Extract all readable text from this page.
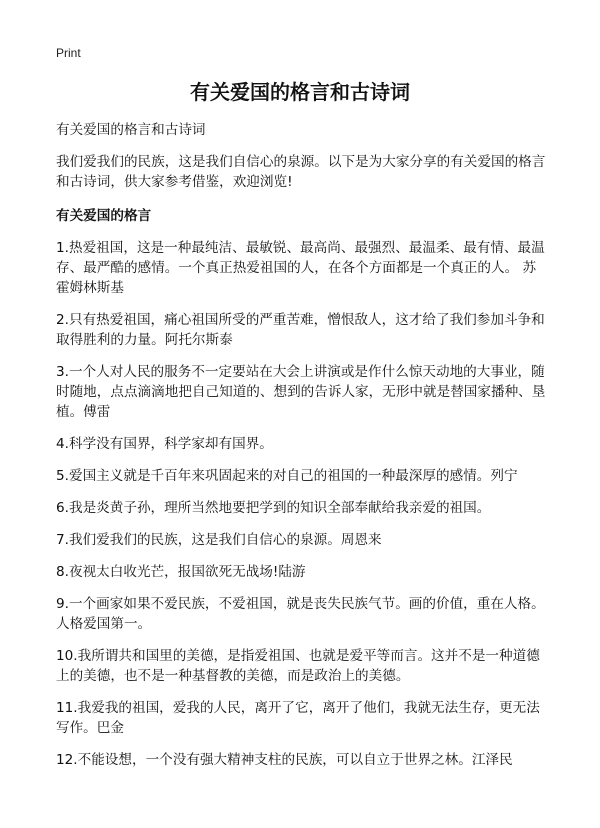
Print
有关爱国的格言和古诗词

有关爱国的格言和古诗词

我们爱我们的民族，这是我们自信心的泉源。以下是为大家分享的有关爱国的格言和古诗词，供大家参考借鉴，欢迎浏览!

有关爱国的格言

1.热爱祖国，这是一种最纯洁、最敏锐、最高尚、最强烈、最温柔、最有情、最温存、最严酷的感情。一个真正热爱祖国的人，在各个方面都是一个真正的人。 苏霍姆林斯基

2.只有热爱祖国，痛心祖国所受的严重苦难，憎恨敌人，这才给了我们参加斗争和取得胜利的力量。阿托尔斯泰

3.一个人对人民的服务不一定要站在大会上讲演或是作什么惊天动地的大事业，随时随地，点点滴滴地把自己知道的、想到的告诉人家，无形中就是替国家播种、垦植。傅雷

4.科学没有国界，科学家却有国界。

5.爱国主义就是千百年来巩固起来的对自己的祖国的一种最深厚的感情。列宁

6.我是炎黄子孙，理所当然地要把学到的知识全部奉献给我亲爱的祖国。

7.我们爱我们的民族，这是我们自信心的泉源。周恩来

8.夜视太白收光芒，报国欲死无战场!陆游

9.一个画家如果不爱民族，不爱祖国，就是丧失民族气节。画的价值，重在人格。人格爱国第一。

10.我所谓共和国里的美德，是指爱祖国、也就是爱平等而言。这并不是一种道德上的美德，也不是一种基督教的美德，而是政治上的美德。

11.我爱我的祖国，爱我的人民，离开了它，离开了他们，我就无法生存，更无法写作。巴金

12.不能设想，一个没有强大精神支柱的民族，可以自立于世界之林。江泽民
